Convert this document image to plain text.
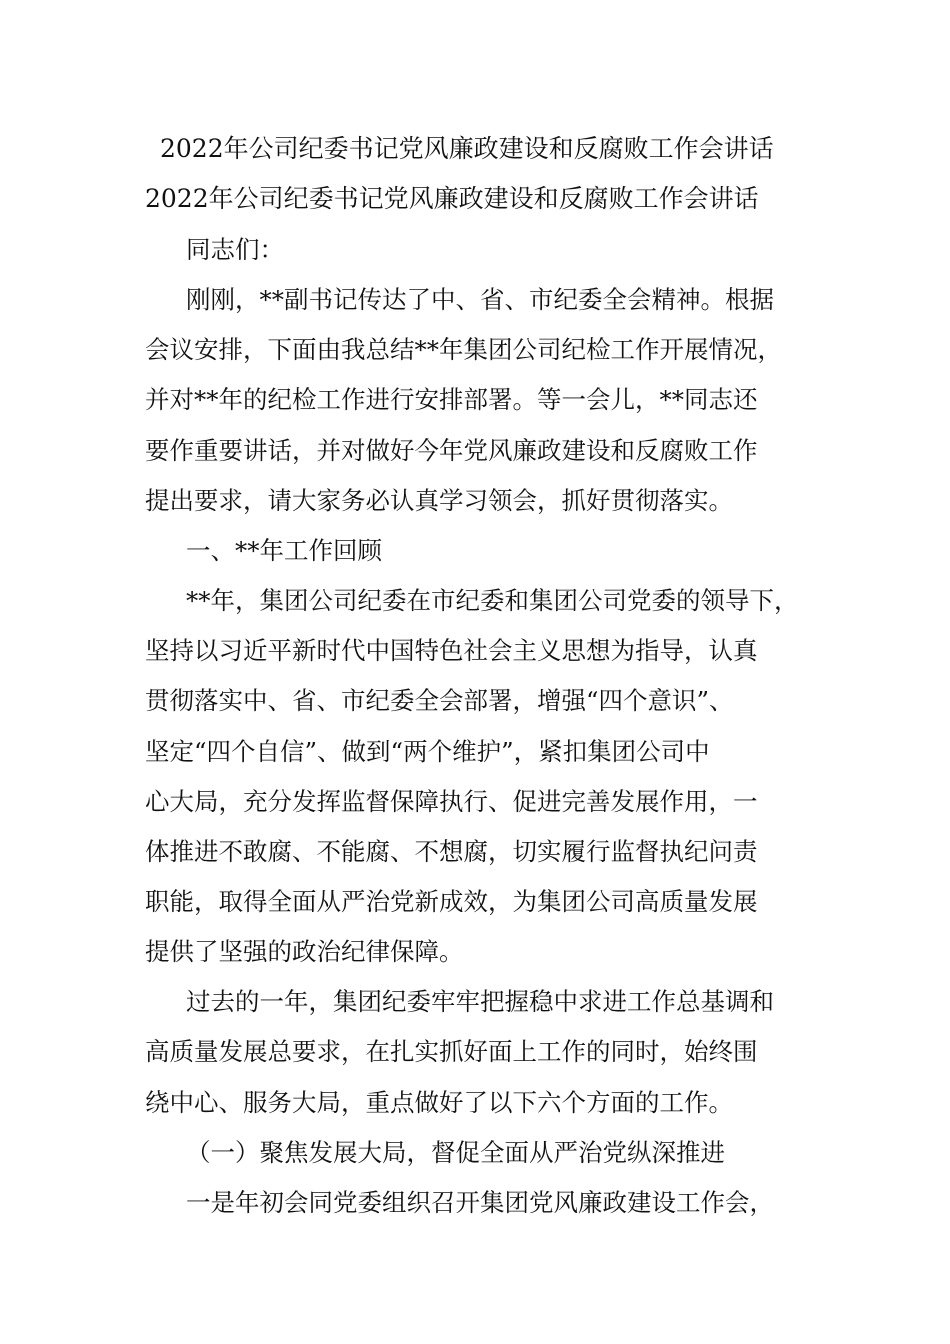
2022年公司纪委书记党风廉政建设和反腐败工作会讲话
2022年公司纪委书记党风廉政建设和反腐败工作会讲话
同志们：
刚刚，**副书记传达了中、省、市纪委全会精神。根据
会议安排，下面由我总结**年集团公司纪检工作开展情况，
并对**年的纪检工作进行安排部署。等一会儿，**同志还
要作重要讲话，并对做好今年党风廉政建设和反腐败工作
提出要求，请大家务必认真学习领会，抓好贯彻落实。
一、**年工作回顾
**年，集团公司纪委在市纪委和集团公司党委的领导下，
坚持以习近平新时代中国特色社会主义思想为指导，认真
贯彻落实中、省、市纪委全会部署，增强“四个意识”、
坚定“四个自信”、做到“两个维护”，紧扣集团公司中
心大局，充分发挥监督保障执行、促进完善发展作用，一
体推进不敢腐、不能腐、不想腐，切实履行监督执纪问责
职能，取得全面从严治党新成效，为集团公司高质量发展
提供了坚强的政治纪律保障。
过去的一年，集团纪委牢牢把握稳中求进工作总基调和
高质量发展总要求，在扎实抓好面上工作的同时，始终围
绕中心、服务大局，重点做好了以下六个方面的工作。
（一）聚焦发展大局，督促全面从严治党纵深推进
一是年初会同党委组织召开集团党风廉政建设工作会，
